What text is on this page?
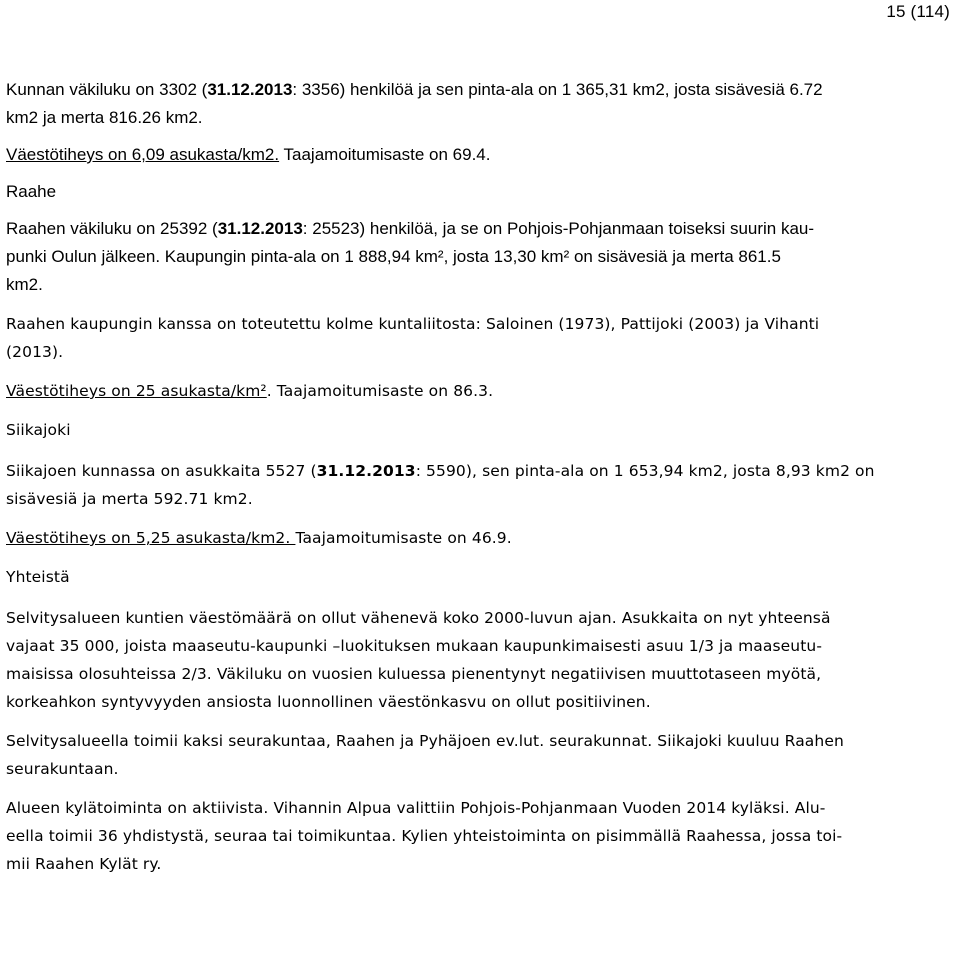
15 (114)

Kunnan väkiluku on 3302 (31.12.2013: 3356) henkilöä ja sen pinta-ala on 1 365,31 km2, josta sisävesiä 6.72
km2 ja merta 816.26 km2.

Väestötiheys on 6,09 asukasta/km2. Taajamoitumisaste on 69.4.

Raahe

Raahen väkiluku on 25392 (31.12.2013: 25523) henkilöä, ja se on Pohjois-Pohjanmaan toiseksi suurin kau-
punki Oulun jälkeen. Kaupungin pinta-ala on 1 888,94 km², josta 13,30 km² on sisävesiä ja merta 861.5
km2.

Raahen kaupungin kanssa on toteutettu kolme kuntaliitosta: Saloinen (1973), Pattijoki (2003) ja Vihanti
(2013).

Väestötiheys on 25 asukasta/km². Taajamoitumisaste on 86.3.

Siikajoki

Siikajoen kunnassa on asukkaita 5527 (31.12.2013: 5590), sen pinta-ala on 1 653,94 km2, josta 8,93 km2 on
sisävesiä ja merta 592.71 km2.

Väestötiheys on 5,25 asukasta/km2. Taajamoitumisaste on 46.9.

Yhteistä

Selvitysalueen kuntien väestömäärä on ollut vähenevä koko 2000-luvun ajan. Asukkaita on nyt yhteensä
vajaat 35 000, joista maaseutu-kaupunki –luokituksen mukaan kaupunkimaisesti asuu 1/3 ja maaseutu-
maisissa olosuhteissa 2/3. Väkiluku on vuosien kuluessa pienentynyt negatiivisen muuttotaseen myötä,
korkeahkon syntyvyyden ansiosta luonnollinen väestönkasvu on ollut positiivinen.

Selvitysalueella toimii kaksi seurakuntaa, Raahen ja Pyhäjoen ev.lut. seurakunnat. Siikajoki kuuluu Raahen
seurakuntaan.

Alueen kylätoiminta on aktiivista. Vihannin Alpua valittiin Pohjois-Pohjanmaan Vuoden 2014 kyläksi. Alu-
eella toimii 36 yhdistystä, seuraa tai toimikuntaa. Kylien yhteistoiminta on pisimmällä Raahessa, jossa toi-
mii Raahen Kylät ry.
